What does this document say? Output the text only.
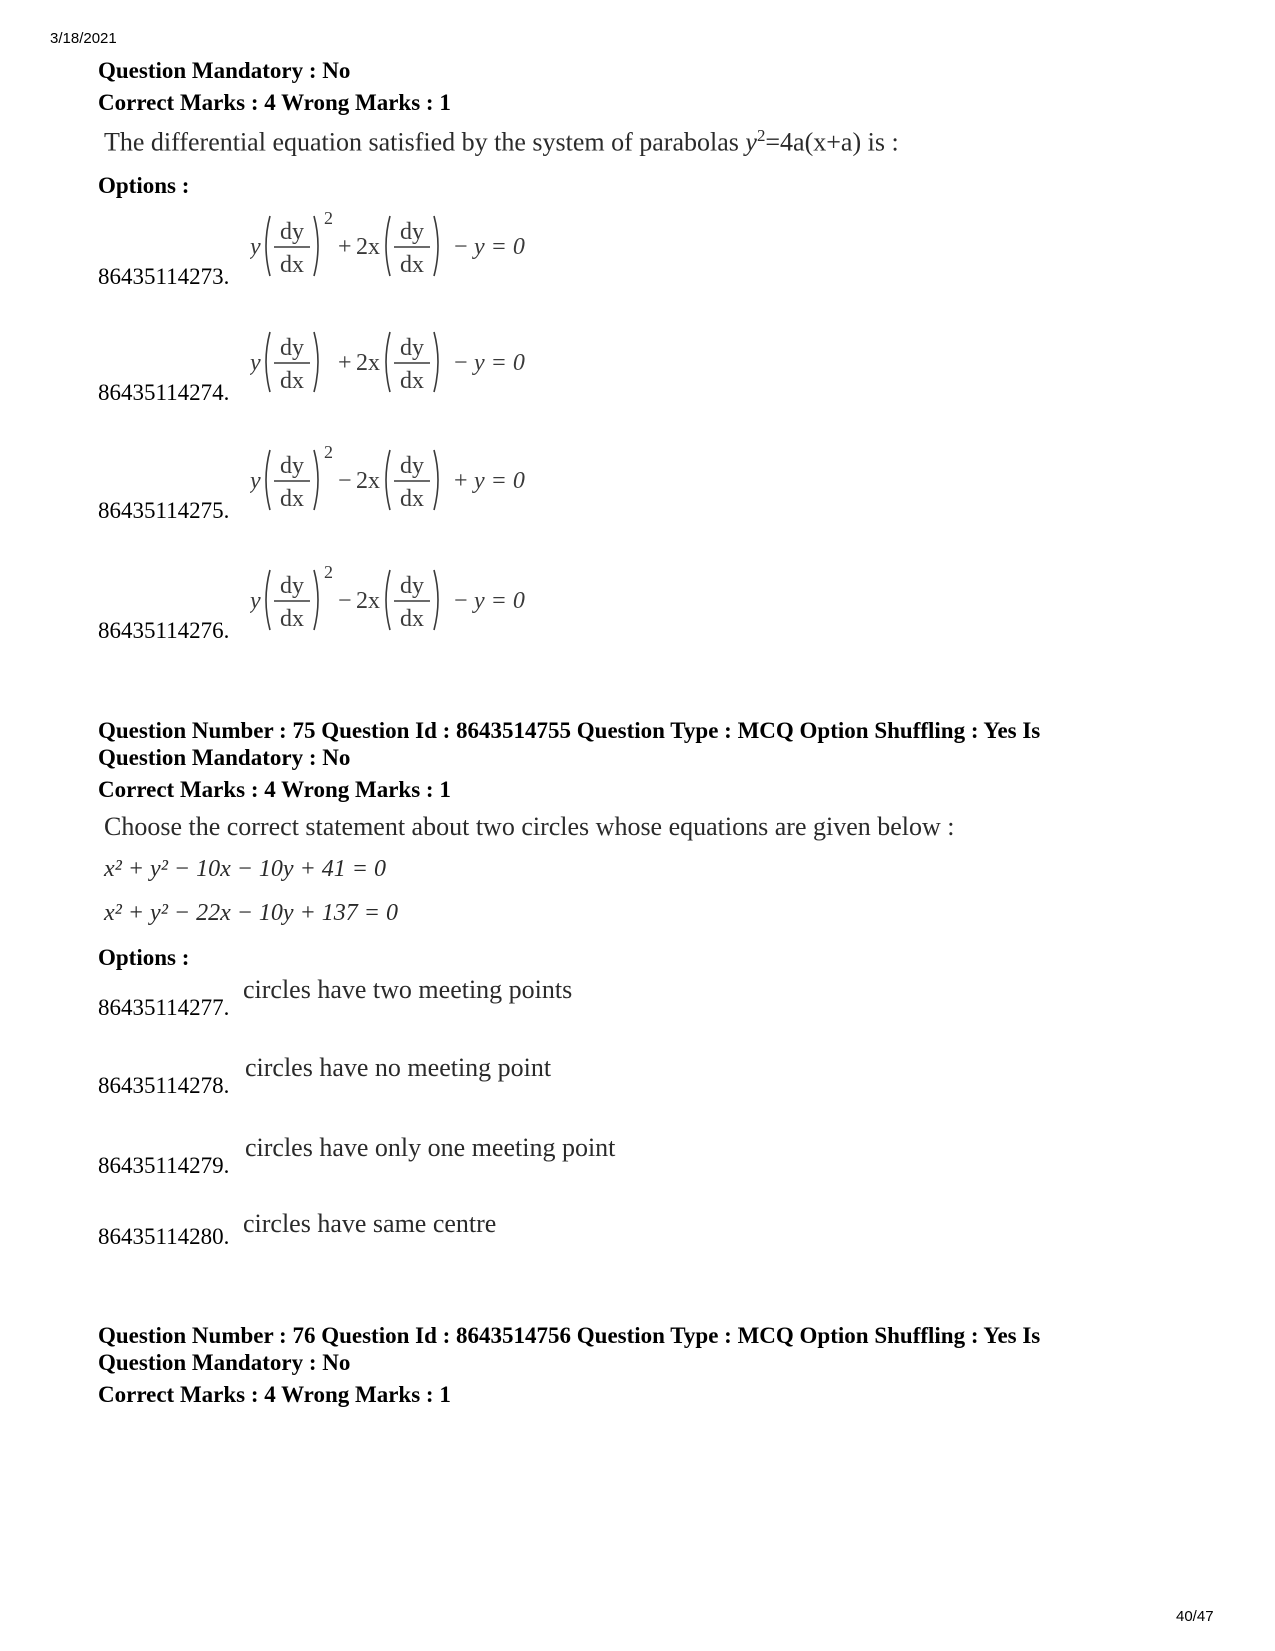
3/18/2021
Question Mandatory : No
Correct Marks : 4 Wrong Marks : 1
The differential equation satisfied by the system of parabolas $y^2=4a(x+a)$ is :
Options :
86435114273.
86435114274.
86435114275.
86435114276.
y
dy
dx
2
+ 2x
dy
dx
− y = 0
y
dy
dx
+ 2x
dy
dx
− y = 0
y
dy
dx
2
− 2x
dy
dx
+ y = 0
y
dy
dx
2
− 2x
dy
dx
− y = 0
Question Number : 75 Question Id : 8643514755 Question Type : MCQ Option Shuffling : Yes Is
Question Mandatory : No
Correct Marks : 4 Wrong Marks : 1
Choose the correct statement about two circles whose equations are given below :
x² + y² − 10x − 10y + 41 = 0
x² + y² − 22x − 10y + 137 = 0
Options :
86435114277.
circles have two meeting points
86435114278.
circles have no meeting point
86435114279.
circles have only one meeting point
86435114280. circles have same centre
Question Number : 76 Question Id : 8643514756 Question Type : MCQ Option Shuffling : Yes Is
Question Mandatory : No
Correct Marks : 4 Wrong Marks : 1
40/47
